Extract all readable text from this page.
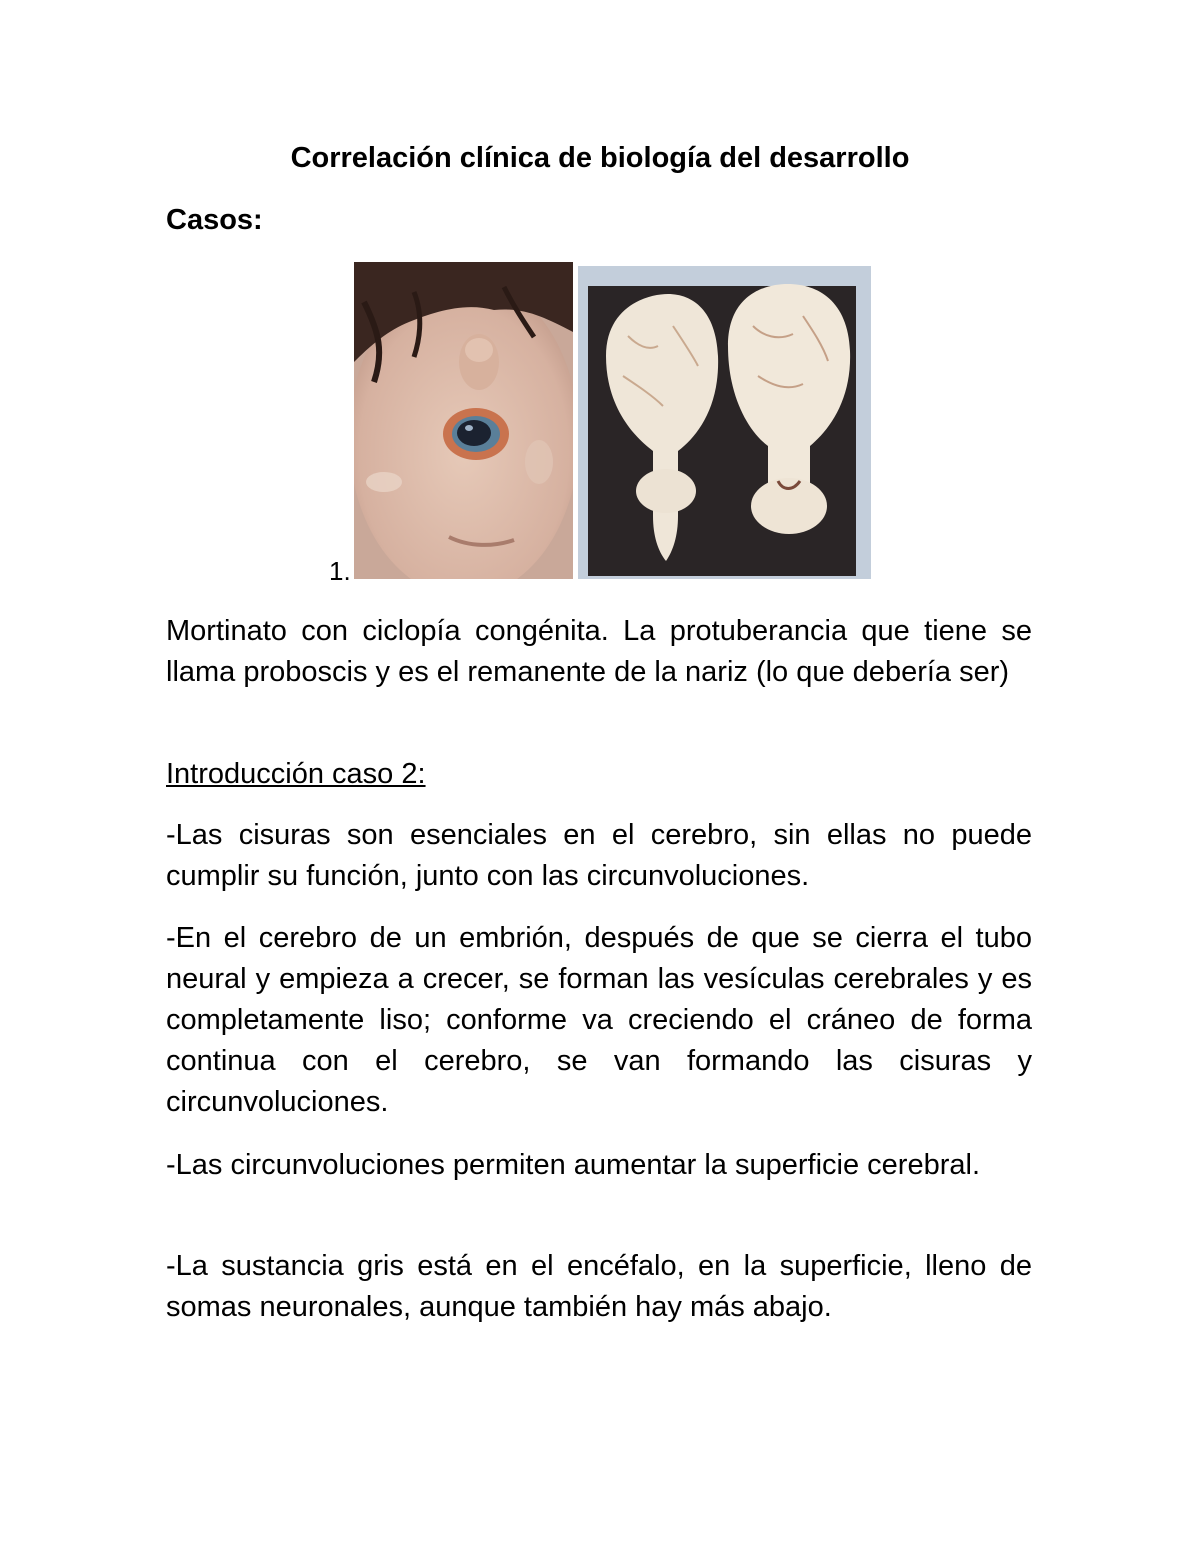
Correlación clínica de biología del desarrollo
Casos:
1.

Mortinato con ciclopía congénita. La protuberancia que tiene se llama proboscis y es el remanente de la nariz (lo que debería ser)

Introducción caso 2:

-Las cisuras son esenciales en el cerebro, sin ellas no puede cumplir su función, junto con las circunvoluciones.

-En el cerebro de un embrión, después de que se cierra el tubo neural y empieza a crecer, se forman las vesículas cerebrales y es completamente liso; conforme va creciendo el cráneo de forma continua con el cerebro, se van formando las cisuras y circunvoluciones.

-Las circunvoluciones permiten aumentar la superficie cerebral.

-La sustancia gris está en el encéfalo, en la superficie, lleno de somas neuronales, aunque también hay más abajo.
